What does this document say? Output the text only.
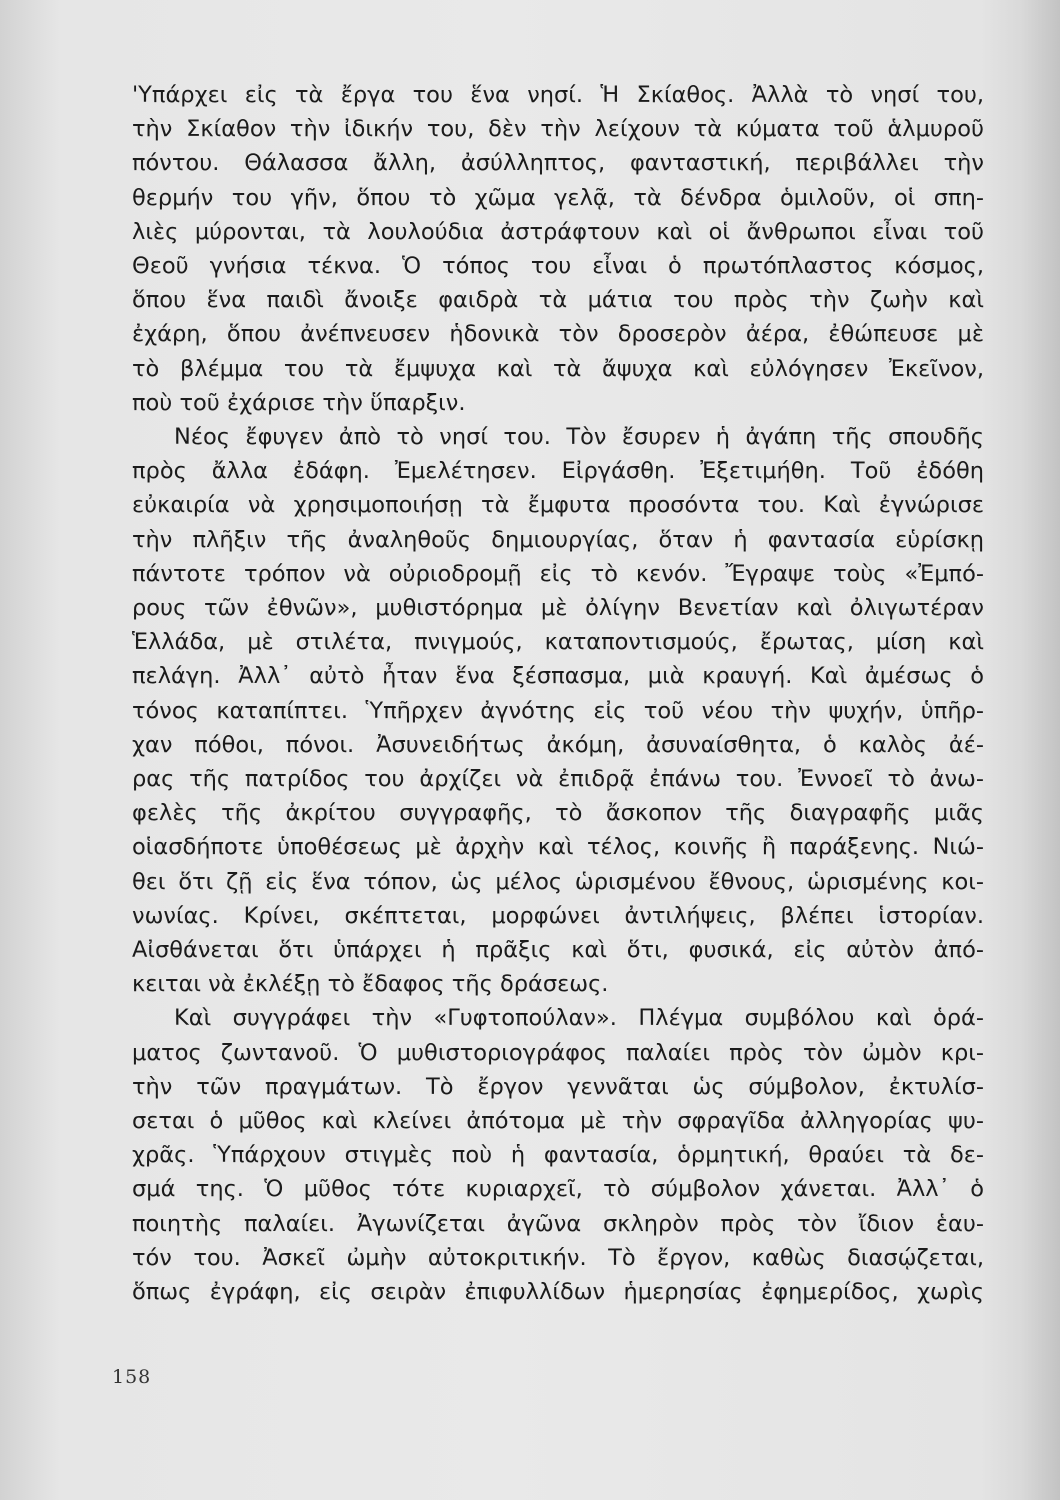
'Υπάρχει εἰς τὰ ἔργα του ἕνα νησί. Ἡ Σκίαθος. Ἀλλὰ τὸ νησί του,
τὴν Σκίαθον τὴν ἰδικήν του, δὲν τὴν λείχουν τὰ κύματα τοῦ ἁλμυροῦ
πόντου. Θάλασσα ἄλλη, ἀσύλληπτος, φανταστική, περιβάλλει τὴν
θερμήν του γῆν, ὅπου τὸ χῶμα γελᾷ, τὰ δένδρα ὁμιλοῦν, οἱ σπη-
λιὲς μύρονται, τὰ λουλούδια ἀστράφτουν καὶ οἱ ἄνθρωποι εἶναι τοῦ
Θεοῦ γνήσια τέκνα. Ὁ τόπος του εἶναι ὁ πρωτόπλαστος κόσμος,
ὅπου ἕνα παιδὶ ἄνοιξε φαιδρὰ τὰ μάτια του πρὸς τὴν ζωὴν καὶ
ἐχάρη, ὅπου ἀνέπνευσεν ἡδονικὰ τὸν δροσερὸν ἀέρα, ἐθώπευσε μὲ
τὸ βλέμμα του τὰ ἔμψυχα καὶ τὰ ἄψυχα καὶ εὐλόγησεν Ἐκεῖνον,
ποὺ τοῦ ἐχάρισε τὴν ὕπαρξιν.
Νέος ἔφυγεν ἀπὸ τὸ νησί του. Τὸν ἔσυρεν ἡ ἀγάπη τῆς σπουδῆς
πρὸς ἄλλα ἐδάφη. Ἐμελέτησεν. Εἰργάσθη. Ἐξετιμήθη. Τοῦ ἐδόθη
εὐκαιρία νὰ χρησιμοποιήσῃ τὰ ἔμφυτα προσόντα του. Καὶ ἐγνώρισε
τὴν πλῆξιν τῆς ἀναληθοῦς δημιουργίας, ὅταν ἡ φαντασία εὑρίσκῃ
πάντοτε τρόπον νὰ οὐριοδρομῇ εἰς τὸ κενόν. Ἔγραψε τοὺς «Ἐμπό-
ρους τῶν ἐθνῶν», μυθιστόρημα μὲ ὀλίγην Βενετίαν καὶ ὀλιγωτέραν
Ἑλλάδα, μὲ στιλέτα, πνιγμούς, καταποντισμούς, ἔρωτας, μίση καὶ
πελάγη. Ἀλλ᾽ αὐτὸ ἦταν ἕνα ξέσπασμα, μιὰ κραυγή. Καὶ ἀμέσως ὁ
τόνος καταπίπτει. Ὑπῆρχεν ἀγνότης εἰς τοῦ νέου τὴν ψυχήν, ὑπῆρ-
χαν πόθοι, πόνοι. Ἀσυνειδήτως ἀκόμη, ἀσυναίσθητα, ὁ καλὸς ἀέ-
ρας τῆς πατρίδος του ἀρχίζει νὰ ἐπιδρᾷ ἐπάνω του. Ἐννοεῖ τὸ ἀνω-
φελὲς τῆς ἀκρίτου συγγραφῆς, τὸ ἄσκοπον τῆς διαγραφῆς μιᾶς
οἱασδήποτε ὑποθέσεως μὲ ἀρχὴν καὶ τέλος, κοινῆς ἢ παράξενης. Νιώ-
θει ὅτι ζῇ εἰς ἕνα τόπον, ὡς μέλος ὡρισμένου ἔθνους, ὡρισμένης κοι-
νωνίας. Κρίνει, σκέπτεται, μορφώνει ἀντιλήψεις, βλέπει ἱστορίαν.
Αἰσθάνεται ὅτι ὑπάρχει ἡ πρᾶξις καὶ ὅτι, φυσικά, εἰς αὐτὸν ἀπό-
κειται νὰ ἐκλέξῃ τὸ ἔδαφος τῆς δράσεως.
Καὶ συγγράφει τὴν «Γυφτοπούλαν». Πλέγμα συμβόλου καὶ ὁρά-
ματος ζωντανοῦ. Ὁ μυθιστοριογράφος παλαίει πρὸς τὸν ὠμὸν κρι-
τὴν τῶν πραγμάτων. Τὸ ἔργον γεννᾶται ὡς σύμβολον, ἐκτυλίσ-
σεται ὁ μῦθος καὶ κλείνει ἀπότομα μὲ τὴν σφραγῖδα ἀλληγορίας ψυ-
χρᾶς. Ὑπάρχουν στιγμὲς ποὺ ἡ φαντασία, ὁρμητική, θραύει τὰ δε-
σμά της. Ὁ μῦθος τότε κυριαρχεῖ, τὸ σύμβολον χάνεται. Ἀλλ᾽ ὁ
ποιητὴς παλαίει. Ἀγωνίζεται ἀγῶνα σκληρὸν πρὸς τὸν ἴδιον ἑαυ-
τόν του. Ἀσκεῖ ὠμὴν αὐτοκριτικήν. Τὸ ἔργον, καθὼς διασῴζεται,
ὅπως ἐγράφη, εἰς σειρὰν ἐπιφυλλίδων ἡμερησίας ἐφημερίδος, χωρὶς
158
